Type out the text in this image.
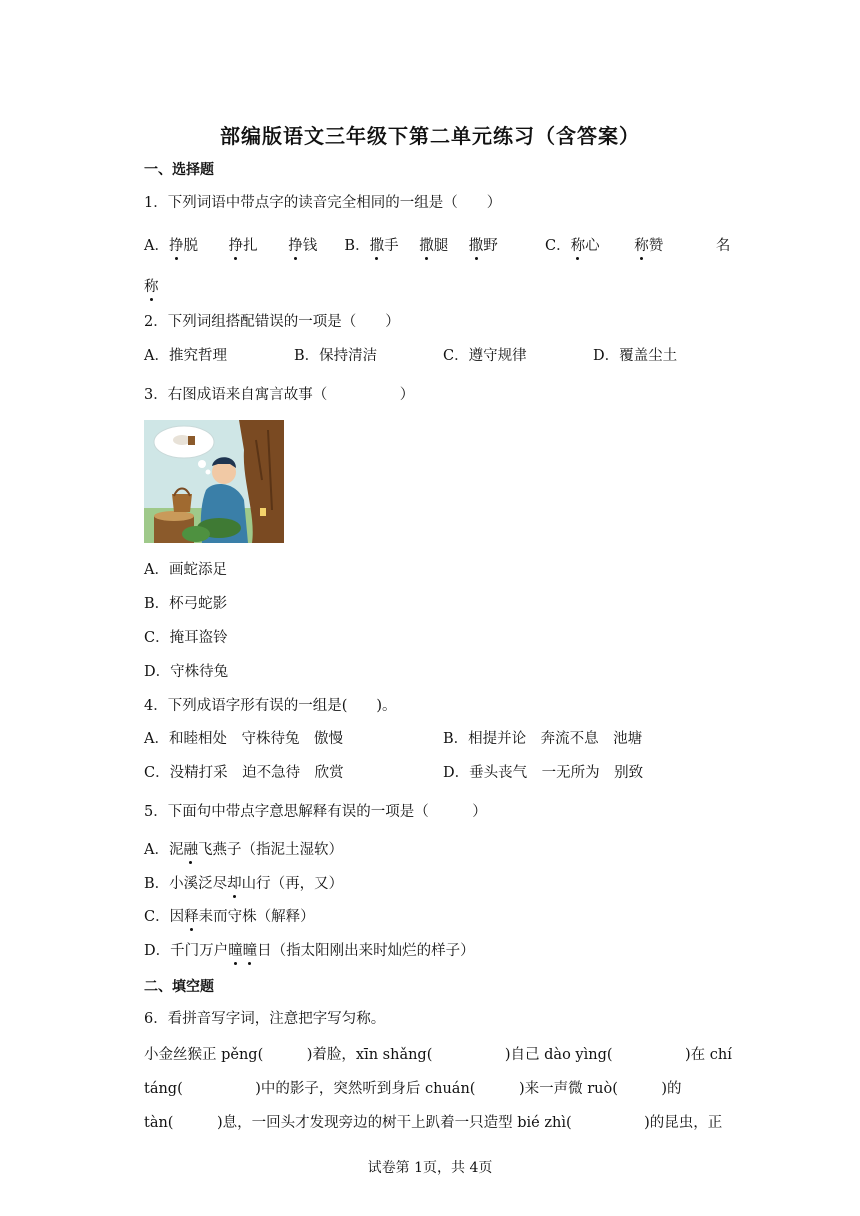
部编版语文三年级下第二单元练习（含答案）
一、选择题
1．下列词语中带点字的读音完全相同的一组是（　　）
A．挣脱 挣扎 挣钱 B．撒手 撒腿 撒野	C．称心 称赞	名
称
2．下列词组搭配错误的一项是（　　）
A．推究哲理	B．保持清洁	C．遵守规律	D．覆盖尘土
3．右图成语来自寓言故事（　　　　　）
A．画蛇添足
B．杯弓蛇影
C．掩耳盗铃
D．守株待兔
4．下列成语字形有误的一组是(　　)。
A．和睦相处　守株待兔　傲慢	B．相提并论　奔流不息　池塘
C．没精打采　迫不急待　欣赏	D．垂头丧气　一无所为　别致
5．下面句中带点字意思解释有误的一项是（　　　）
A．泥融飞燕子（指泥土湿软）
B．小溪泛尽却山行（再，又）
C．因释耒而守株（解释）
D．千门万户曈曈日（指太阳刚出来时灿烂的样子）
二、填空题
6．看拼音写字词，注意把字写匀称。
小金丝猴正 pěng(　　　)着脸，xīn shǎng(　　　　　)自己 dào yìng(　　　　　)在 chí
táng(　　　　　)中的影子，突然听到身后 chuán(　　　)来一声微 ruò(　　　)的
tàn(　　　)息，一回头才发现旁边的树干上趴着一只造型 bié zhì(　　　　　)的昆虫，正
试卷第 1页，共 4页
